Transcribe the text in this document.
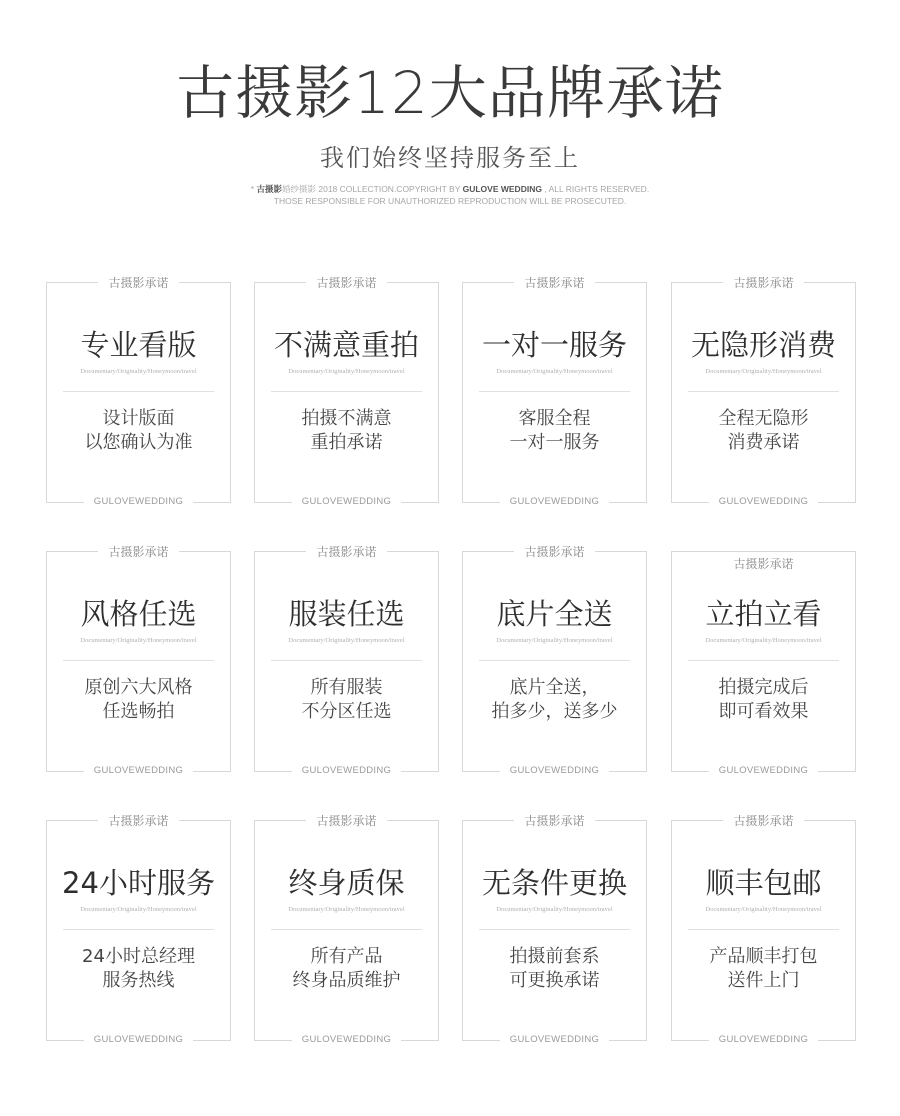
古摄影12大品牌承诺
我们始终坚持服务至上
* 古摄影婚纱摄影 2018 COLLECTION.COPYRIGHT BY GULOVE WEDDING , ALL RIGHTS RESERVED.
THOSE RESPONSIBLE FOR UNAUTHORIZED REPRODUCTION WILL BE PROSECUTED.
古摄影承诺
专业看版
Documentary/Originality/Honeymoon/travel
设计版面
以您确认为准
GULOVEWEDDING
古摄影承诺
不满意重拍
Documentary/Originality/Honeymoon/travel
拍摄不满意
重拍承诺
GULOVEWEDDING
古摄影承诺
一对一服务
Documentary/Originality/Honeymoon/travel
客服全程
一对一服务
GULOVEWEDDING
古摄影承诺
无隐形消费
Documentary/Originality/Honeymoon/travel
全程无隐形
消费承诺
GULOVEWEDDING
古摄影承诺
风格任选
Documentary/Originality/Honeymoon/travel
原创六大风格
任选畅拍
GULOVEWEDDING
古摄影承诺
服装任选
Documentary/Originality/Honeymoon/travel
所有服装
不分区任选
GULOVEWEDDING
古摄影承诺
底片全送
Documentary/Originality/Honeymoon/travel
底片全送，
拍多少，送多少
GULOVEWEDDING
古摄影承诺
立拍立看
Documentary/Originality/Honeymoon/travel
拍摄完成后
即可看效果
GULOVEWEDDING
古摄影承诺
24小时服务
Documentary/Originality/Honeymoon/travel
24小时总经理
服务热线
GULOVEWEDDING
古摄影承诺
终身质保
Documentary/Originality/Honeymoon/travel
所有产品
终身品质维护
GULOVEWEDDING
古摄影承诺
无条件更换
Documentary/Originality/Honeymoon/travel
拍摄前套系
可更换承诺
GULOVEWEDDING
古摄影承诺
顺丰包邮
Documentary/Originality/Honeymoon/travel
产品顺丰打包
送件上门
GULOVEWEDDING
